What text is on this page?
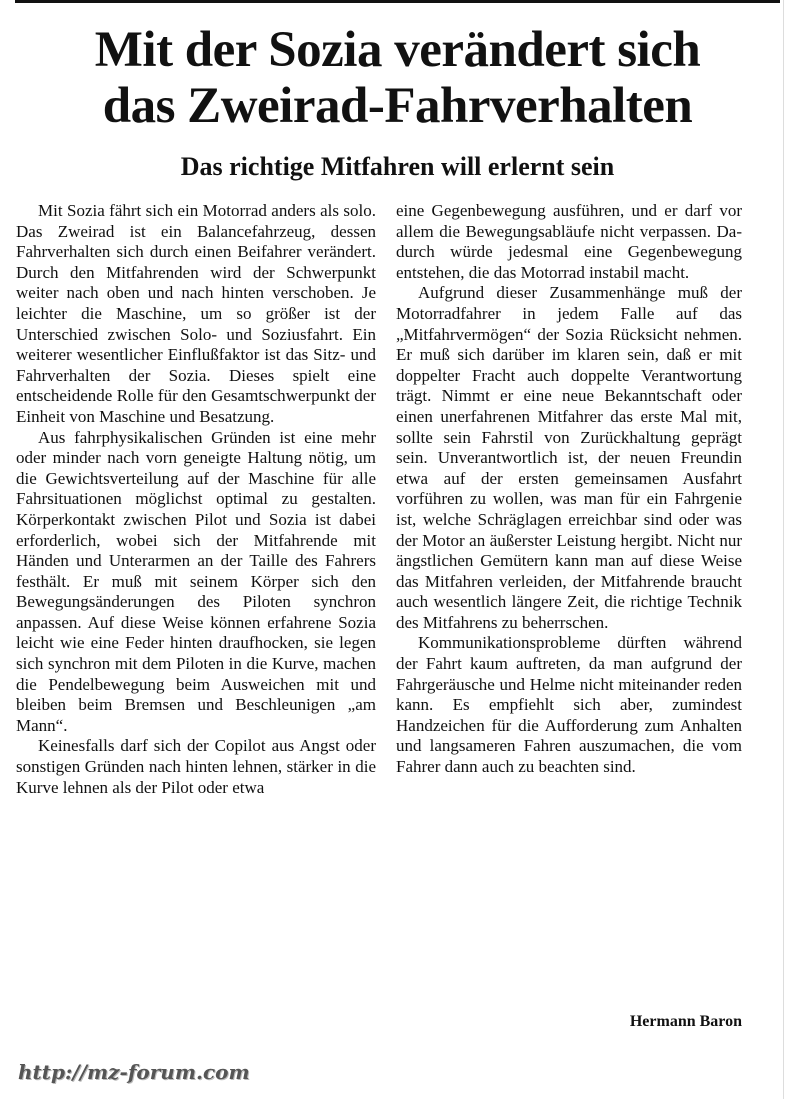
Mit der Sozia verändert sich
das Zweirad-Fahrverhalten
Das richtige Mitfahren will erlernt sein

Mit Sozia fährt sich ein Motorrad anders als solo. Das Zweirad ist ein Balancefahrzeug, dessen Fahrverhalten sich durch einen Beifahrer verändert. Durch den Mitfahrenden wird der Schwerpunkt weiter nach oben und nach hinten verschoben. Je leichter die Maschine, um so größer ist der Unterschied zwischen Solo- und Soziusfahrt. Ein weiterer wesentlicher Einflußfaktor ist das Sitz- und Fahrverhalten der Sozia. Dieses spielt eine entscheidende Rolle für den Gesamtschwerpunkt der Einheit von Maschine und Besatzung.

Aus fahrphysikalischen Gründen ist eine mehr oder minder nach vorn geneigte Haltung nötig, um die Gewichtsverteilung auf der Maschine für alle Fahrsituationen möglichst optimal zu gestalten. Körperkontakt zwischen Pilot und Sozia ist dabei erforderlich, wobei sich der Mitfahrende mit Händen und Unterarmen an der Taille des Fahrers festhält. Er muß mit seinem Körper sich den Bewegungsänderungen des Piloten synchron anpassen. Auf diese Weise können erfahrene Sozia leicht wie eine Feder hinten draufhocken, sie legen sich synchron mit dem Piloten in die Kurve, machen die Pendelbewegung beim Ausweichen mit und bleiben beim Bremsen und Beschleunigen „am Mann“.

Keinesfalls darf sich der Copilot aus Angst oder sonstigen Gründen nach hinten lehnen, stärker in die Kurve lehnen als der Pilot oder etwa

eine Gegenbewegung ausführen, und er darf vor allem die Bewegungsabläufe nicht verpassen. Dadurch würde jedesmal eine Gegenbewegung entstehen, die das Motorrad instabil macht.

Aufgrund dieser Zusammenhänge muß der Motorradfahrer in jedem Falle auf das „Mitfahrvermögen“ der Sozia Rücksicht nehmen. Er muß sich darüber im klaren sein, daß er mit doppelter Fracht auch doppelte Verantwortung trägt. Nimmt er eine neue Bekanntschaft oder einen unerfahrenen Mitfahrer das erste Mal mit, sollte sein Fahrstil von Zurückhaltung geprägt sein. Unverantwortlich ist, der neuen Freundin etwa auf der ersten gemeinsamen Ausfahrt vorführen zu wollen, was man für ein Fahrgenie ist, welche Schräglagen erreichbar sind oder was der Motor an äußerster Leistung hergibt. Nicht nur ängstlichen Gemütern kann man auf diese Weise das Mitfahren verleiden, der Mitfahrende braucht auch wesentlich längere Zeit, die richtige Technik des Mitfahrens zu beherrschen.

Kommunikationsprobleme dürften während der Fahrt kaum auftreten, da man aufgrund der Fahrgeräusche und Helme nicht miteinander reden kann. Es empfiehlt sich aber, zumindest Handzeichen für die Aufforderung zum Anhalten und langsameren Fahren auszumachen, die vom Fahrer dann auch zu beachten sind.

Hermann Baron
http://mz-forum.com
